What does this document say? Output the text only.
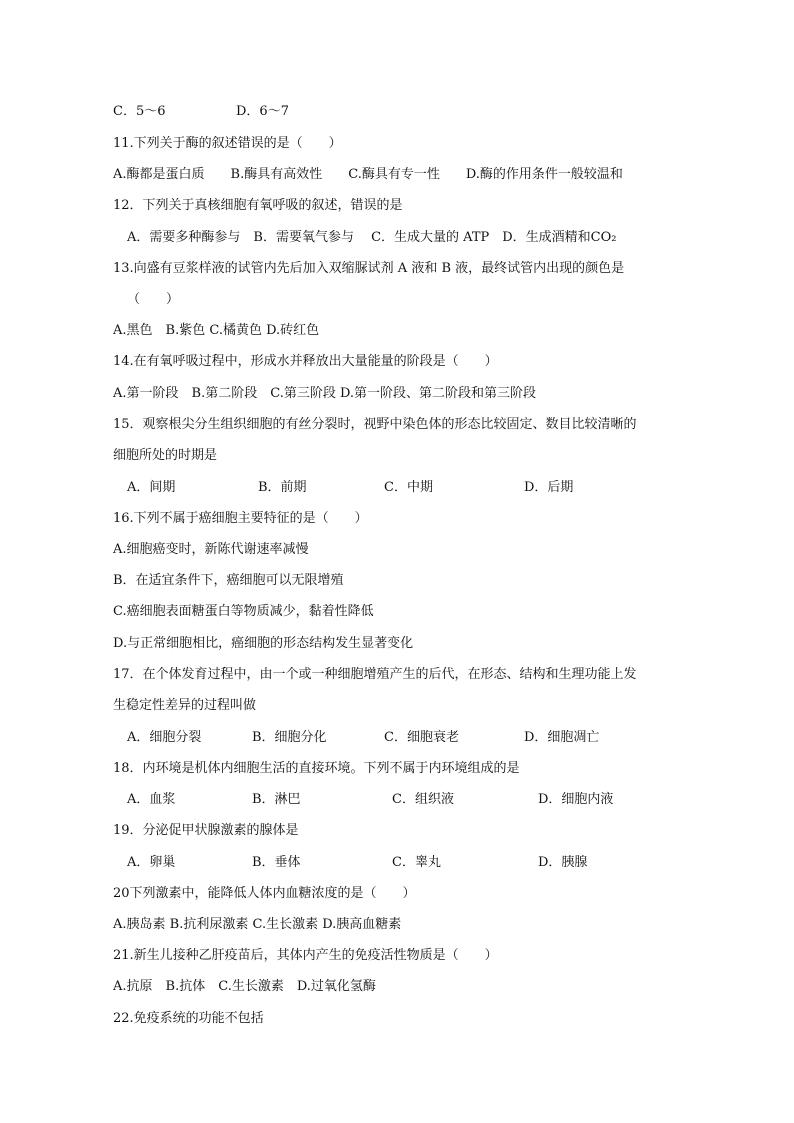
C．5～6	D．6～7
11.下列关于酶的叙述错误的是（　　）
A.酶都是蛋白质　　B.酶具有高效性　　C.酶具有专一性　　D.酶的作用条件一般较温和
12．下列关于真核细胞有氧呼吸的叙述，错误的是
A．需要多种酶参与　B．需要氧气参与　 C．生成大量的 ATP　D．生成酒精和CO₂
13.向盛有豆浆样液的试管内先后加入双缩脲试剂 A 液和 B 液，最终试管内出现的颜色是
（　　）
A.黑色　B.紫色 C.橘黄色 D.砖红色
14.在有氧呼吸过程中，形成水并释放出大量能量的阶段是（　　）
A.第一阶段　B.第二阶段　C.第三阶段 D.第一阶段、第二阶段和第三阶段
15．观察根尖分生组织细胞的有丝分裂时，视野中染色体的形态比较固定、数目比较清晰的
细胞所处的时期是
A．间期	B．前期	C．中期	D．后期
16.下列不属于癌细胞主要特征的是（　　）
A.细胞癌变时，新陈代谢速率减慢
B．在适宜条件下，癌细胞可以无限增殖
C.癌细胞表面糖蛋白等物质减少，黏着性降低
D.与正常细胞相比，癌细胞的形态结构发生显著变化
17．在个体发育过程中，由一个或一种细胞增殖产生的后代，在形态、结构和生理功能上发
生稳定性差异的过程叫做
A．细胞分裂	B．细胞分化	C．细胞衰老	D．细胞凋亡
18．内环境是机体内细胞生活的直接环境。下列不属于内环境组成的是
A．血浆	B．淋巴	C．组织液	D．细胞内液
19．分泌促甲状腺激素的腺体是
A．卵巢	B．垂体	C．睾丸	D．胰腺
20下列激素中，能降低人体内血糖浓度的是（　　）
A.胰岛素 B.抗利尿激素 C.生长激素 D.胰高血糖素
21.新生儿接种乙肝疫苗后，其体内产生的免疫活性物质是（　　）
A.抗原　B.抗体　C.生长激素　D.过氧化氢酶
22.免疫系统的功能不包括
